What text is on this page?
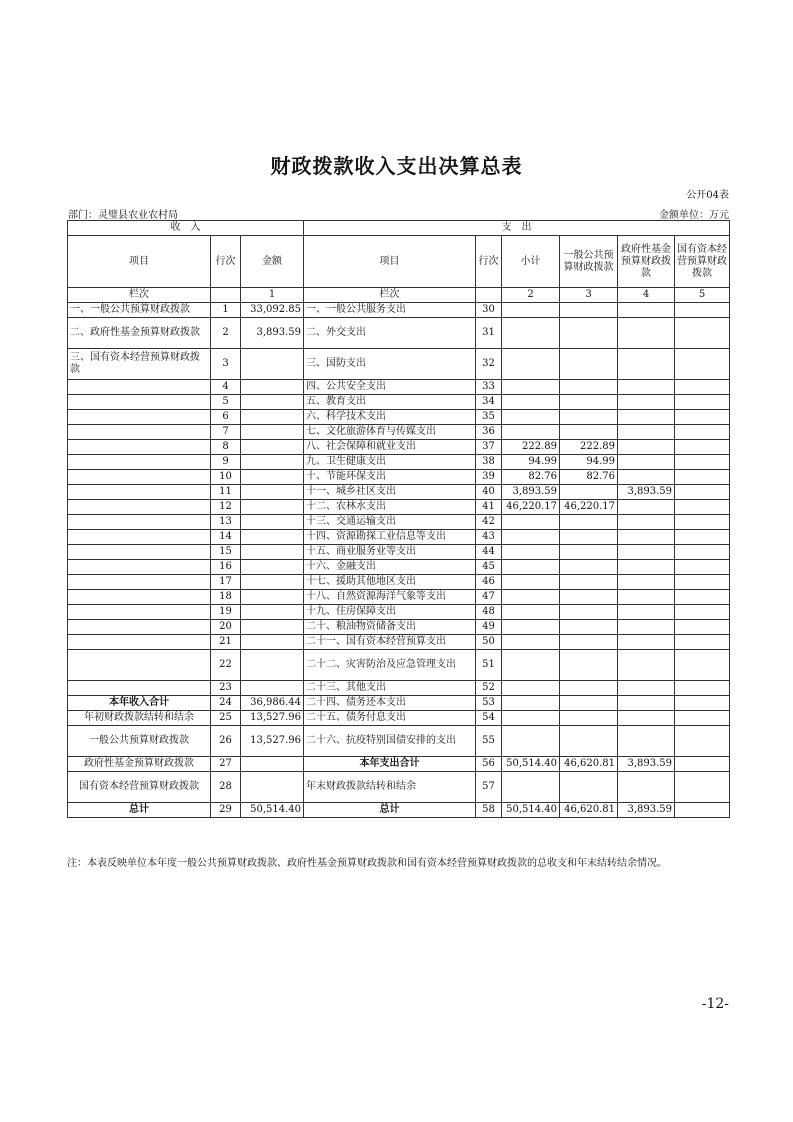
财政拨款收入支出决算总表
公开04表
部门：灵璧县农业农村局	金额单位：万元
收　入			支　出					
项目	行次	金额	项目	行次	小计	一般公共预算财政拨款	政府性基金预算财政拨款	国有资本经营预算财政拨款
栏次		1	栏次		2	3	4	5
一、一般公共预算财政拨款	1	33,092.85	一、一般公共服务支出	30				
二、政府性基金预算财政拨款	2	3,893.59	二、外交支出	31				
三、国有资本经营预算财政拨款	3		三、国防支出	32				
	4		四、公共安全支出	33				
	5		五、教育支出	34				
	6		六、科学技术支出	35				
	7		七、文化旅游体育与传媒支出	36				
	8		八、社会保障和就业支出	37	222.89	222.89		
	9		九、卫生健康支出	38	94.99	94.99		
	10		十、节能环保支出	39	82.76	82.76		
	11		十一、城乡社区支出	40	3,893.59		3,893.59	
	12		十二、农林水支出	41	46,220.17	46,220.17		
	13		十三、交通运输支出	42				
	14		十四、资源勘探工业信息等支出	43				
	15		十五、商业服务业等支出	44				
	16		十六、金融支出	45				
	17		十七、援助其他地区支出	46				
	18		十八、自然资源海洋气象等支出	47				
	19		十九、住房保障支出	48				
	20		二十、粮油物资储备支出	49				
	21		二十一、国有资本经营预算支出	50				
	22		二十二、灾害防治及应急管理支出	51				
	23		二十三、其他支出	52				
本年收入合计	24	36,986.44	二十四、债务还本支出	53				
年初财政拨款结转和结余	25	13,527.96	二十五、债务付息支出	54				
一般公共预算财政拨款	26	13,527.96	二十六、抗疫特别国债安排的支出	55				
政府性基金预算财政拨款	27		本年支出合计	56	50,514.40	46,620.81	3,893.59	
国有资本经营预算财政拨款	28		年末财政拨款结转和结余	57				
总计	29	50,514.40	总计	58	50,514.40	46,620.81	3,893.59	
注：本表反映单位本年度一般公共预算财政拨款、政府性基金预算财政拨款和国有资本经营预算财政拨款的总收支和年末结转结余情况。
-12-
